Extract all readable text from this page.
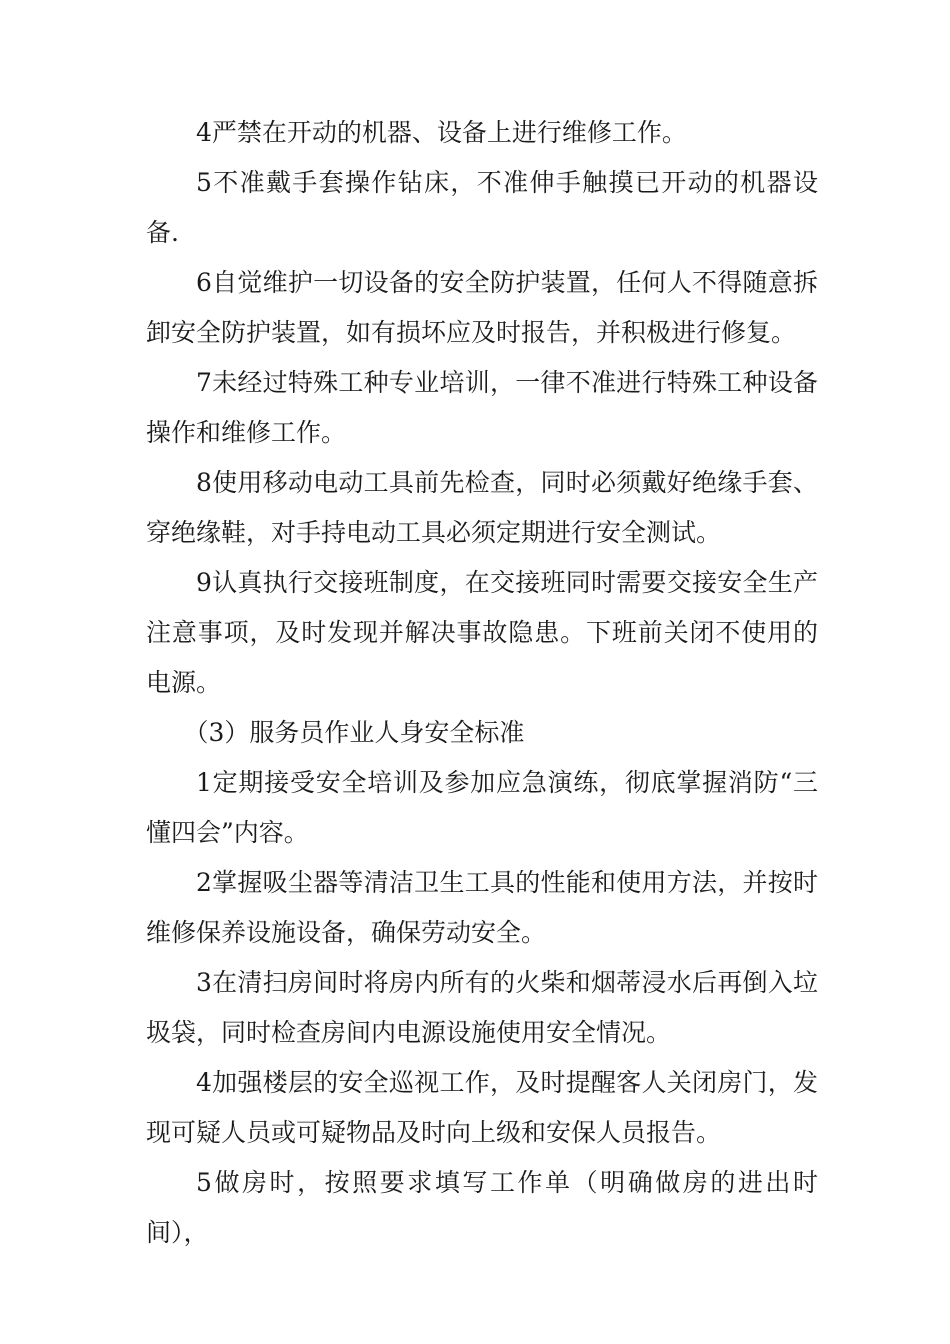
4严禁在开动的机器、设备上进行维修工作。

5不准戴手套操作钻床，不准伸手触摸已开动的机器设备.

6自觉维护一切设备的安全防护装置，任何人不得随意拆卸安全防护装置，如有损坏应及时报告，并积极进行修复。

7未经过特殊工种专业培训，一律不准进行特殊工种设备操作和维修工作。

8使用移动电动工具前先检查，同时必须戴好绝缘手套、穿绝缘鞋，对手持电动工具必须定期进行安全测试。

9认真执行交接班制度，在交接班同时需要交接安全生产注意事项，及时发现并解决事故隐患。下班前关闭不使用的电源。

（3）服务员作业人身安全标准

1定期接受安全培训及参加应急演练，彻底掌握消防“三懂四会”内容。

2掌握吸尘器等清洁卫生工具的性能和使用方法，并按时维修保养设施设备，确保劳动安全。

3在清扫房间时将房内所有的火柴和烟蒂浸水后再倒入垃圾袋，同时检查房间内电源设施使用安全情况。

4加强楼层的安全巡视工作，及时提醒客人关闭房门，发现可疑人员或可疑物品及时向上级和安保人员报告。

5做房时，按照要求填写工作单（明确做房的进出时间），
